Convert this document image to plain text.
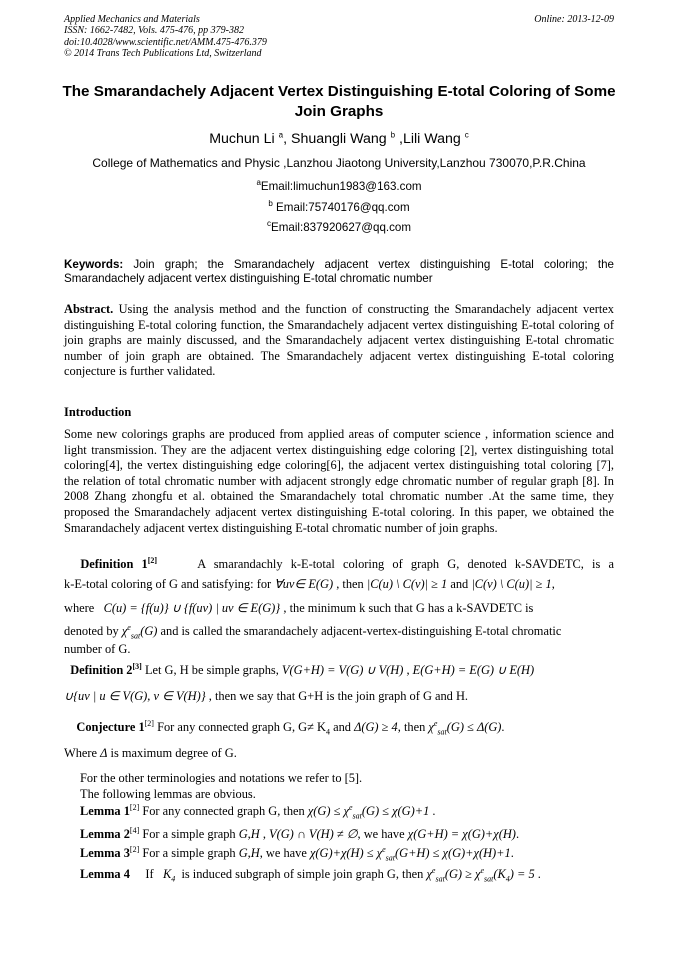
Applied Mechanics and Materials
ISSN: 1662-7482, Vols. 475-476, pp 379-382
doi:10.4028/www.scientific.net/AMM.475-476.379
© 2014 Trans Tech Publications Ltd, Switzerland
Online: 2013-12-09
The Smarandachely Adjacent Vertex Distinguishing E-total Coloring of Some Join Graphs
Muchun Li $^a$, Shuangli Wang $^b$ ,Lili Wang $^c$
College of Mathematics and Physic ,Lanzhou Jiaotong University,Lanzhou 730070,P.R.China
$^a$Email:limuchun1983@163.com
$^b$ Email:75740176@qq.com
$^c$Email:837920627@qq.com
Keywords: Join graph; the Smarandachely adjacent vertex distinguishing E-total coloring; the Smarandachely adjacent vertex distinguishing E-total chromatic number
Abstract. Using the analysis method and the function of constructing the Smarandachely adjacent vertex distinguishing E-total coloring function, the Smarandachely adjacent vertex distinguishing E-total coloring of join graphs are mainly discussed, and the Smarandachely adjacent vertex distinguishing E-total chromatic number of join graph are obtained. The Smarandachely adjacent vertex distinguishing E-total coloring conjecture is further validated.
Introduction
Some new colorings graphs are produced from applied areas of computer science , information science and light transmission. They are the adjacent vertex distinguishing edge coloring [2], vertex distinguishing total coloring[4], the vertex distinguishing edge coloring[6], the adjacent vertex distinguishing total coloring [7], the relation of total chromatic number with adjacent strongly edge chromatic number of regular graph [8]. In 2008 Zhang zhongfu et al. obtained the Smarandachely total chromatic number .At the same time, they proposed the Smarandachely adjacent vertex distinguishing E-total coloring. In this paper, we obtained the Smarandachely adjacent vertex distinguishing E-total chromatic number of join graphs.
Definition 1[2]	A smarandachly k-E-total coloring of graph G, denoted k-SAVDETC, is a
k-E-total coloring of G and satisfying: for ∀uv∈ E(G) , then |C(u) \ C(v)| ≥ 1 and |C(v) \ C(u)| ≥ 1,
where C(u) = {f(u)} ∪ {f(uv) | uv ∈ E(G)} , the minimum k such that G has a k-SAVDETC is
denoted by $\chi^e_{sat}(G)$ and is called the smarandachely adjacent-vertex-distinguishing E-total chromatic
number of G.
Definition 2[3] Let G, H be simple graphs, V(G+H) = V(G) ∪ V(H) , E(G+H) = E(G) ∪ E(H)
∪{uv | u ∈ V(G), v ∈ V(H)} , then we say that G+H is the join graph of G and H.
Conjecture 1[2] For any connected graph G, $G\ne K_4$ and Δ(G) ≥ 4, then $\chi^e_{sat}(G) \le \Delta(G)$.
Where Δ is maximum degree of G.
For the other terminologies and notations we refer to [5].
The following lemmas are obvious.
Lemma 1[2] For any connected graph G, then $\chi(G) \le \chi^e_{sat}(G) \le \chi(G)+1$ .
Lemma 2[4] For a simple graph G,H , V(G) ∩ V(H) ≠ ∅, we have χ(G+H) = χ(G)+χ(H).
Lemma 3[2] For a simple graph G,H, we have $\chi(G)+\chi(H) \le \chi^e_{sat}(G+H) \le \chi(G)+\chi(H)+1$.
Lemma 4 If $K_4$ is induced subgraph of simple join graph G, then $\chi^e_{sat}(G) \ge \chi^e_{sat}(K_4) = 5$ .
